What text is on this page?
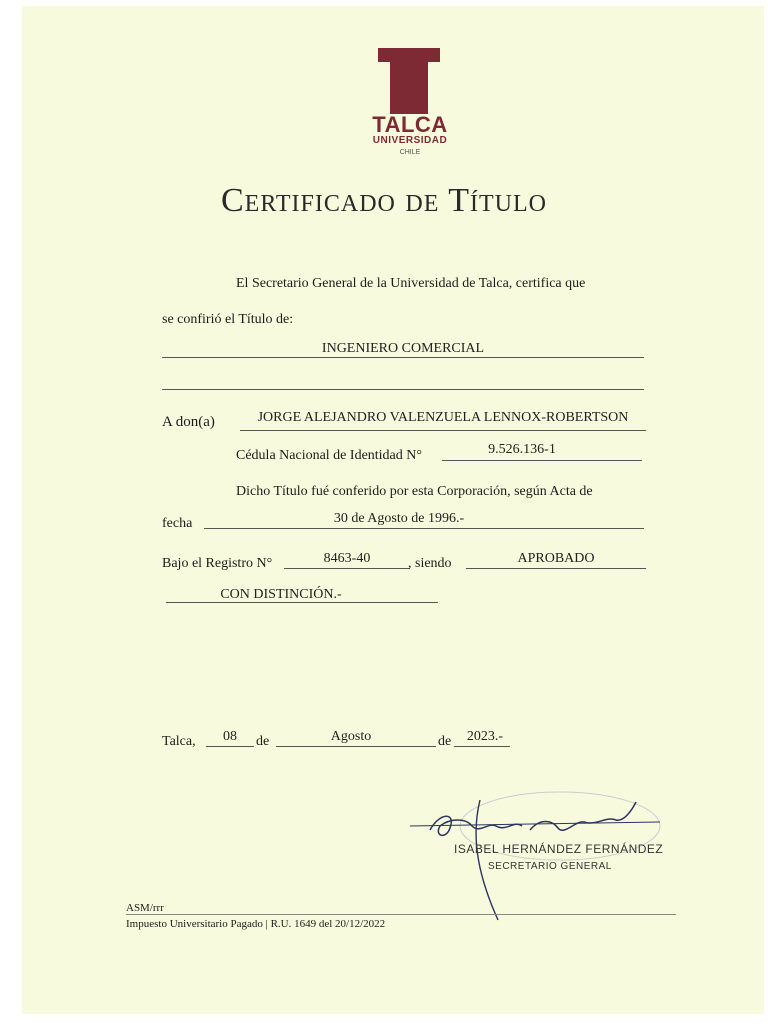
TALCA
UNIVERSIDAD
CHILE
Certificado de Título
El Secretario General de la Universidad de Talca, certifica que
se confirió el Título de:
INGENIERO COMERCIAL
A don(a)	JORGE ALEJANDRO VALENZUELA LENNOX-ROBERTSON
Cédula Nacional de Identidad N°	9.526.136-1
Dicho Título fué conferido por esta Corporación, según Acta de
fecha	30 de Agosto de 1996.-
Bajo el Registro N°	8463-40	, siendo	APROBADO
CON DISTINCIÓN.-
Talca,	08	de	Agosto	de	2023.-
ISABEL HERNÁNDEZ FERNÁNDEZ
SECRETARIO GENERAL
ASM/rrr
Impuesto Universitario Pagado | R.U. 1649 del 20/12/2022
